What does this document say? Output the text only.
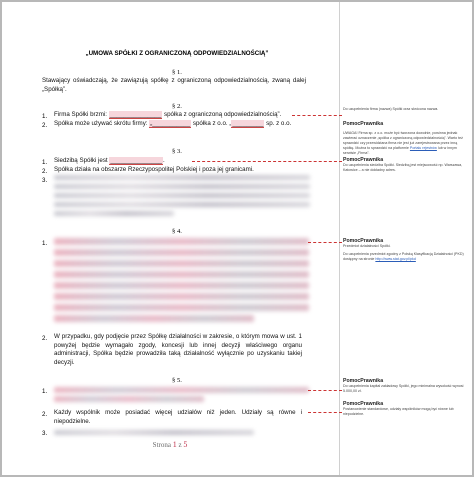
„UMOWA SPÓŁKI Z OGRANICZONĄ ODPOWIEDZIALNOŚCIĄ”
§ 1.
Stawający oświadczają, że zawiązują spółkę z ograniczoną odpowiedzialnością, zwaną dalej „Spółką”.
§ 2.
1. Firma Spółki brzmi: _______________ spółka z ograniczoną odpowiedzialnością”.
2. Spółka może używać skrótu firmy: „___________ spółka z o.o. „_________ sp. z o.o.
§ 3.
1. Siedzibą Spółki jest _______________.
2. Spółka działa na obszarze Rzeczypospolitej Polskiej i poza jej granicami.
3.
§ 4.
1.
2. W przypadku, gdy podjęcie przez Spółkę działalności w zakresie, o którym mowa w ust. 1 powyżej będzie wymagało zgody, koncesji lub innej decyzji właściwego organu administracji, Spółka będzie prowadziła taką działalność wyłącznie po uzyskaniu takiej decyzji.
§ 5.
1.
2. Każdy wspólnik może posiadać więcej udziałów niż jeden. Udziały są równe i niepodzielne.
3.
Strona 1 z 5
Do uzupełnienia firma (nazwa) Spółki oraz skrócona nazwa.
PomocPrawnika
UWAGA! Firma sp. z o.o. może być tworzona dowolnie, powinna jednak zawierać oznaczenie „spółka z ograniczoną odpowiedzialnością”. Warto też sprawdzić czy przewidziana firma nie jest już zarejestrowana przez inną spółkę. Można to sprawdzić na platformie Portalu rejestrów lub w innym serwisie „Firma”.
PomocPrawnika
Do uzupełnienia siedziba Spółki. Siedzibą jest miejscowość np. Warszawa, Katowice – a nie dokładny adres.
PomocPrawnika
Przedmiot działalności Spółki.
Do uzupełnienia przedmiot zgodny z Polską Klasyfikacją Działalności (PKD) dostępny na stronie http://www.stat.gov.pl/pkd
PomocPrawnika
Do uzupełnienia kapitał zakładowy Spółki, jego minimalna wysokość wynosi 5.000,00 zł.
PomocPrawnika
Postanowienie standardowe, udziały wspólników mogą być równe lub niepodzielne.
